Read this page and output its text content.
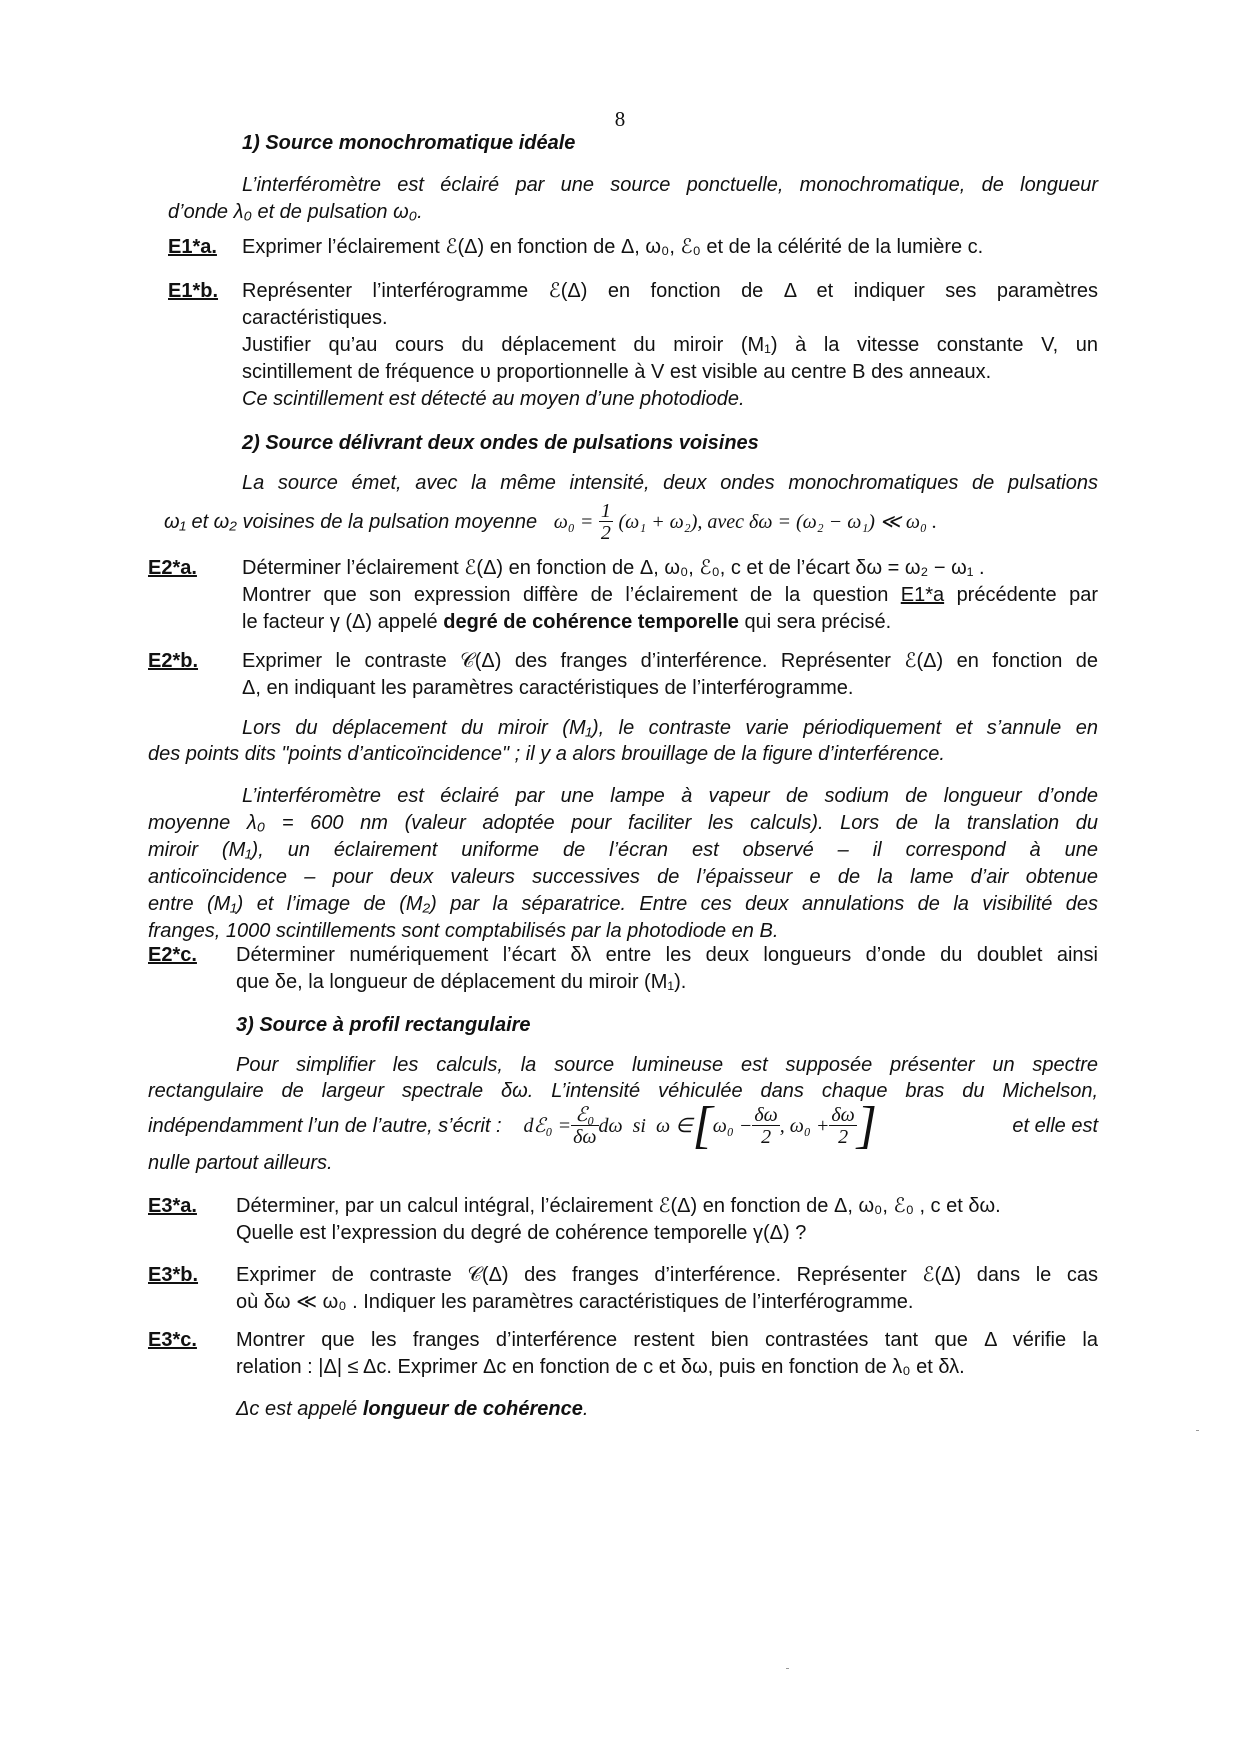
8
1) Source monochromatique idéale
L’interféromètre est éclairé par une source ponctuelle, monochromatique, de longueur
d’onde λ₀ et de pulsation ω₀.
E1*a. Exprimer l’éclairement ℰ(Δ) en fonction de Δ, ω₀, ℰ₀ et de la célérité de la lumière c.
E1*b. Représenter l’interférogramme ℰ(Δ) en fonction de Δ et indiquer ses paramètres
caractéristiques.
Justifier qu’au cours du déplacement du miroir (M₁) à la vitesse constante V, un
scintillement de fréquence υ proportionnelle à V est visible au centre B des anneaux.
Ce scintillement est détecté au moyen d’une photodiode.
2) Source délivrant deux ondes de pulsations voisines
La source émet, avec la même intensité, deux ondes monochromatiques de pulsations
ω₁ et ω₂ voisines de la pulsation moyenne $\omega_0 = \frac{1}{2} (\omega_1 + \omega_2)$, avec δω = (ω₂ − ω₁) ≪ ω₀ .
E2*a. Déterminer l’éclairement ℰ(Δ) en fonction de Δ, ω₀, ℰ₀, c et de l’écart δω = ω₂ − ω₁ .
Montrer que son expression diffère de l’éclairement de la question E1*a précédente par
le facteur γ (Δ) appelé degré de cohérence temporelle qui sera précisé.
E2*b. Exprimer le contraste 𝒞(Δ) des franges d’interférence. Représenter ℰ(Δ) en fonction de
Δ, en indiquant les paramètres caractéristiques de l’interférogramme.
Lors du déplacement du miroir (M₁), le contraste varie périodiquement et s’annule en
des points dits "points d’anticoïncidence" ; il y a alors brouillage de la figure d’interférence.
L’interféromètre est éclairé par une lampe à vapeur de sodium de longueur d’onde
moyenne λ₀ = 600 nm (valeur adoptée pour faciliter les calculs). Lors de la translation du
miroir (M₁), un éclairement uniforme de l’écran est observé – il correspond à une
anticoïncidence – pour deux valeurs successives de l’épaisseur e de la lame d’air obtenue
entre (M₁) et l’image de (M₂) par la séparatrice. Entre ces deux annulations de la visibilité des
franges, 1000 scintillements sont comptabilisés par la photodiode en B.
E2*c. Déterminer numériquement l’écart δλ entre les deux longueurs d’onde du doublet ainsi
que δe, la longueur de déplacement du miroir (M₁).
3) Source à profil rectangulaire
Pour simplifier les calculs, la source lumineuse est supposée présenter un spectre
rectangulaire de largeur spectrale δω. L’intensité véhiculée dans chaque bras du Michelson,
indépendamment l’un de l’autre, s’écrit : dℰ₀ = $\frac{\text{ℰ₀}}{\delta\omega}$ dω  si  ω ∈ [ $\omega_0 - \frac{\delta\omega}{2}$ , $\omega_0 + \frac{\delta\omega}{2}$ ]	et elle est
nulle partout ailleurs.
E3*a. Déterminer, par un calcul intégral, l’éclairement ℰ(Δ) en fonction de Δ, ω₀, ℰ₀ , c et δω.
Quelle est l’expression du degré de cohérence temporelle γ(Δ) ?
E3*b. Exprimer de contraste 𝒞(Δ) des franges d’interférence. Représenter ℰ(Δ) dans le cas
où δω ≪ ω₀ . Indiquer les paramètres caractéristiques de l’interférogramme.
E3*c. Montrer que les franges d’interférence restent bien contrastées tant que Δ vérifie la
relation : |Δ| ≤ Δc. Exprimer Δc en fonction de c et δω, puis en fonction de λ₀ et δλ.
Δc est appelé longueur de cohérence.
